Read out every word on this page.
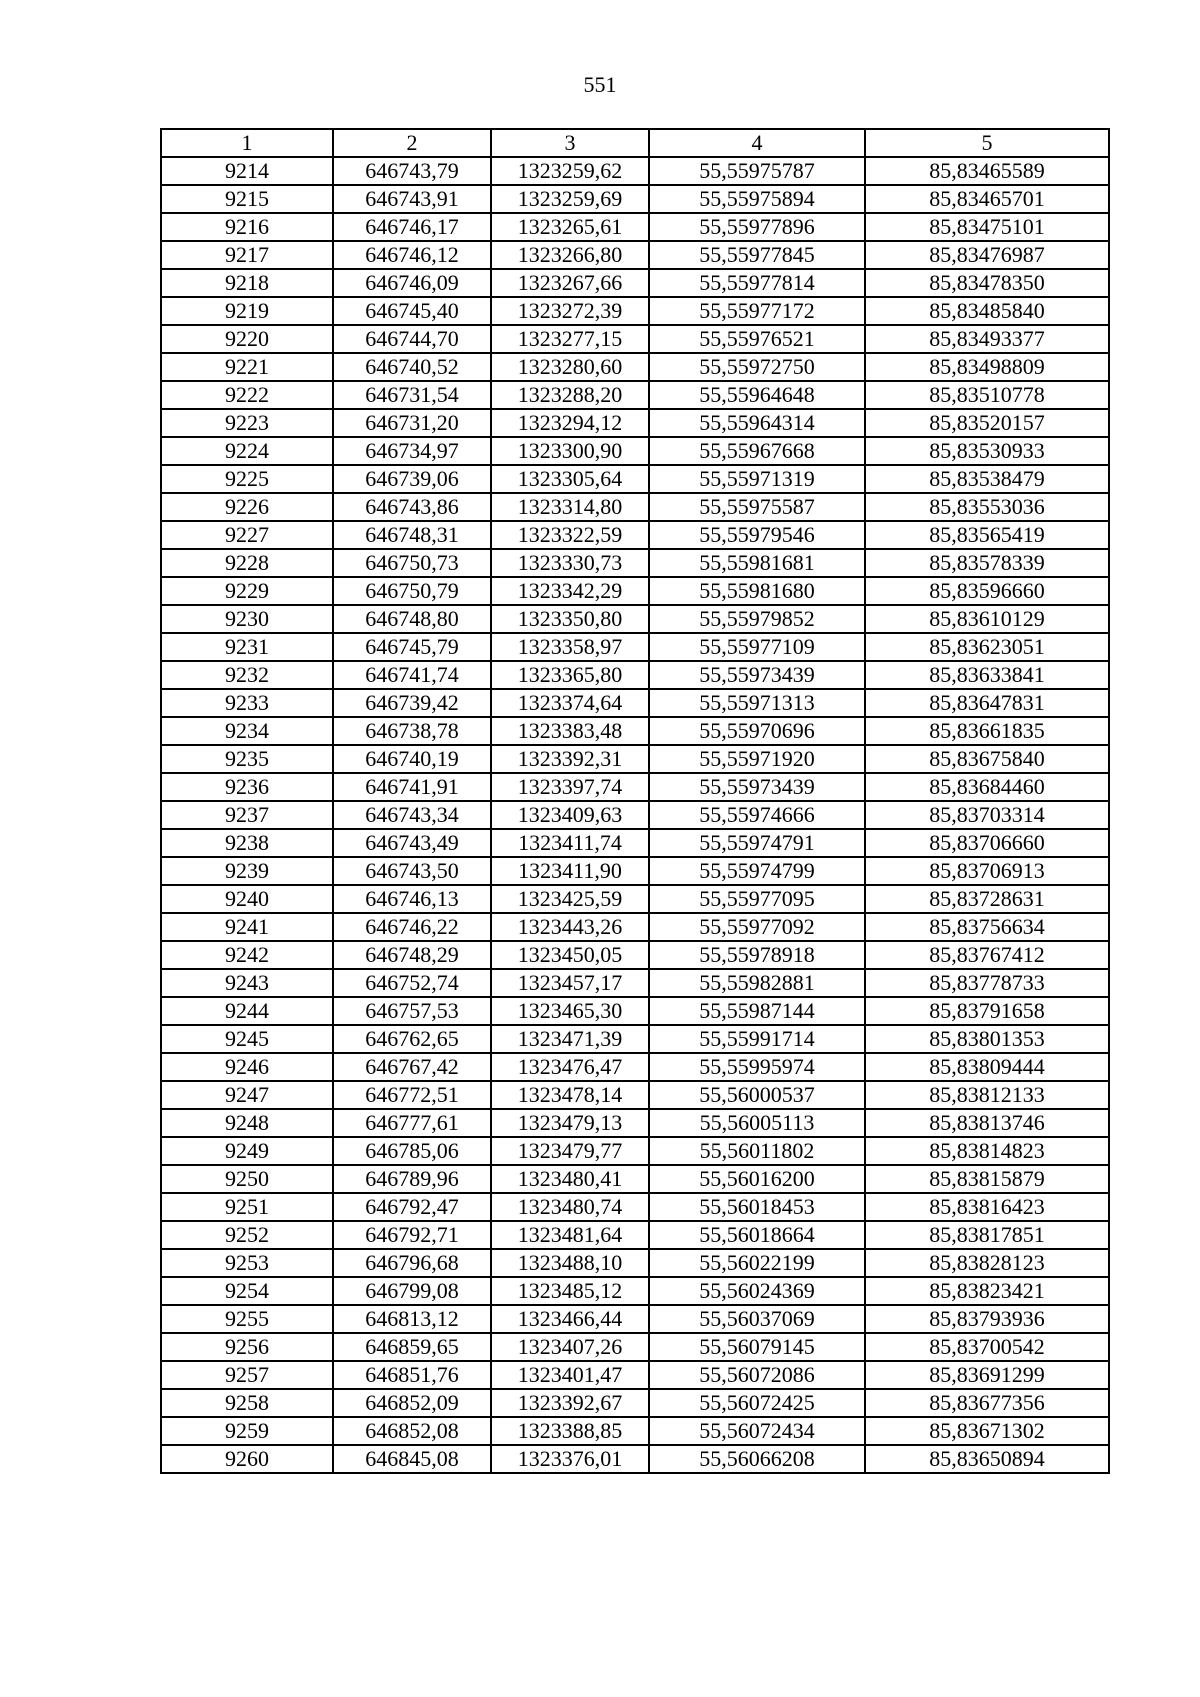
551
1	2	3	4	5
9214	646743,79	1323259,62	55,55975787	85,83465589
9215	646743,91	1323259,69	55,55975894	85,83465701
9216	646746,17	1323265,61	55,55977896	85,83475101
9217	646746,12	1323266,80	55,55977845	85,83476987
9218	646746,09	1323267,66	55,55977814	85,83478350
9219	646745,40	1323272,39	55,55977172	85,83485840
9220	646744,70	1323277,15	55,55976521	85,83493377
9221	646740,52	1323280,60	55,55972750	85,83498809
9222	646731,54	1323288,20	55,55964648	85,83510778
9223	646731,20	1323294,12	55,55964314	85,83520157
9224	646734,97	1323300,90	55,55967668	85,83530933
9225	646739,06	1323305,64	55,55971319	85,83538479
9226	646743,86	1323314,80	55,55975587	85,83553036
9227	646748,31	1323322,59	55,55979546	85,83565419
9228	646750,73	1323330,73	55,55981681	85,83578339
9229	646750,79	1323342,29	55,55981680	85,83596660
9230	646748,80	1323350,80	55,55979852	85,83610129
9231	646745,79	1323358,97	55,55977109	85,83623051
9232	646741,74	1323365,80	55,55973439	85,83633841
9233	646739,42	1323374,64	55,55971313	85,83647831
9234	646738,78	1323383,48	55,55970696	85,83661835
9235	646740,19	1323392,31	55,55971920	85,83675840
9236	646741,91	1323397,74	55,55973439	85,83684460
9237	646743,34	1323409,63	55,55974666	85,83703314
9238	646743,49	1323411,74	55,55974791	85,83706660
9239	646743,50	1323411,90	55,55974799	85,83706913
9240	646746,13	1323425,59	55,55977095	85,83728631
9241	646746,22	1323443,26	55,55977092	85,83756634
9242	646748,29	1323450,05	55,55978918	85,83767412
9243	646752,74	1323457,17	55,55982881	85,83778733
9244	646757,53	1323465,30	55,55987144	85,83791658
9245	646762,65	1323471,39	55,55991714	85,83801353
9246	646767,42	1323476,47	55,55995974	85,83809444
9247	646772,51	1323478,14	55,56000537	85,83812133
9248	646777,61	1323479,13	55,56005113	85,83813746
9249	646785,06	1323479,77	55,56011802	85,83814823
9250	646789,96	1323480,41	55,56016200	85,83815879
9251	646792,47	1323480,74	55,56018453	85,83816423
9252	646792,71	1323481,64	55,56018664	85,83817851
9253	646796,68	1323488,10	55,56022199	85,83828123
9254	646799,08	1323485,12	55,56024369	85,83823421
9255	646813,12	1323466,44	55,56037069	85,83793936
9256	646859,65	1323407,26	55,56079145	85,83700542
9257	646851,76	1323401,47	55,56072086	85,83691299
9258	646852,09	1323392,67	55,56072425	85,83677356
9259	646852,08	1323388,85	55,56072434	85,83671302
9260	646845,08	1323376,01	55,56066208	85,83650894
